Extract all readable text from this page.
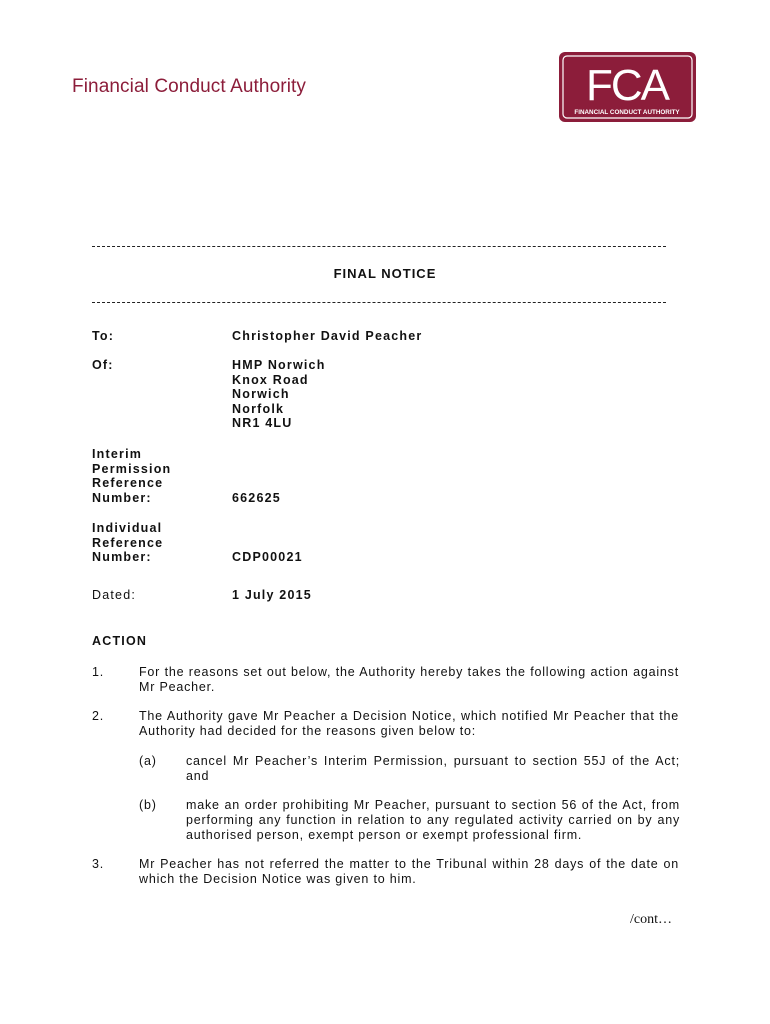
Financial Conduct Authority	FCA
FINANCIAL CONDUCT AUTHORITY
FINAL NOTICE
To:	Christopher David Peacher
Of:	HMP Norwich
Knox Road
Norwich
Norfolk
NR1 4LU
Interim
Permission
Reference
Number:	662625
Individual
Reference
Number:	CDP00021
Dated:	1 July 2015
ACTION
1.	For the reasons set out below, the Authority hereby takes the following action against Mr Peacher.
2.	The Authority gave Mr Peacher a Decision Notice, which notified Mr Peacher that the Authority had decided for the reasons given below to:
(a) cancel Mr Peacher’s Interim Permission, pursuant to section 55J of the Act; and
(b) make an order prohibiting Mr Peacher, pursuant to section 56 of the Act, from performing any function in relation to any regulated activity carried on by any authorised person, exempt person or exempt professional firm.
3.	Mr Peacher has not referred the matter to the Tribunal within 28 days of the date on which the Decision Notice was given to him.
/cont…
